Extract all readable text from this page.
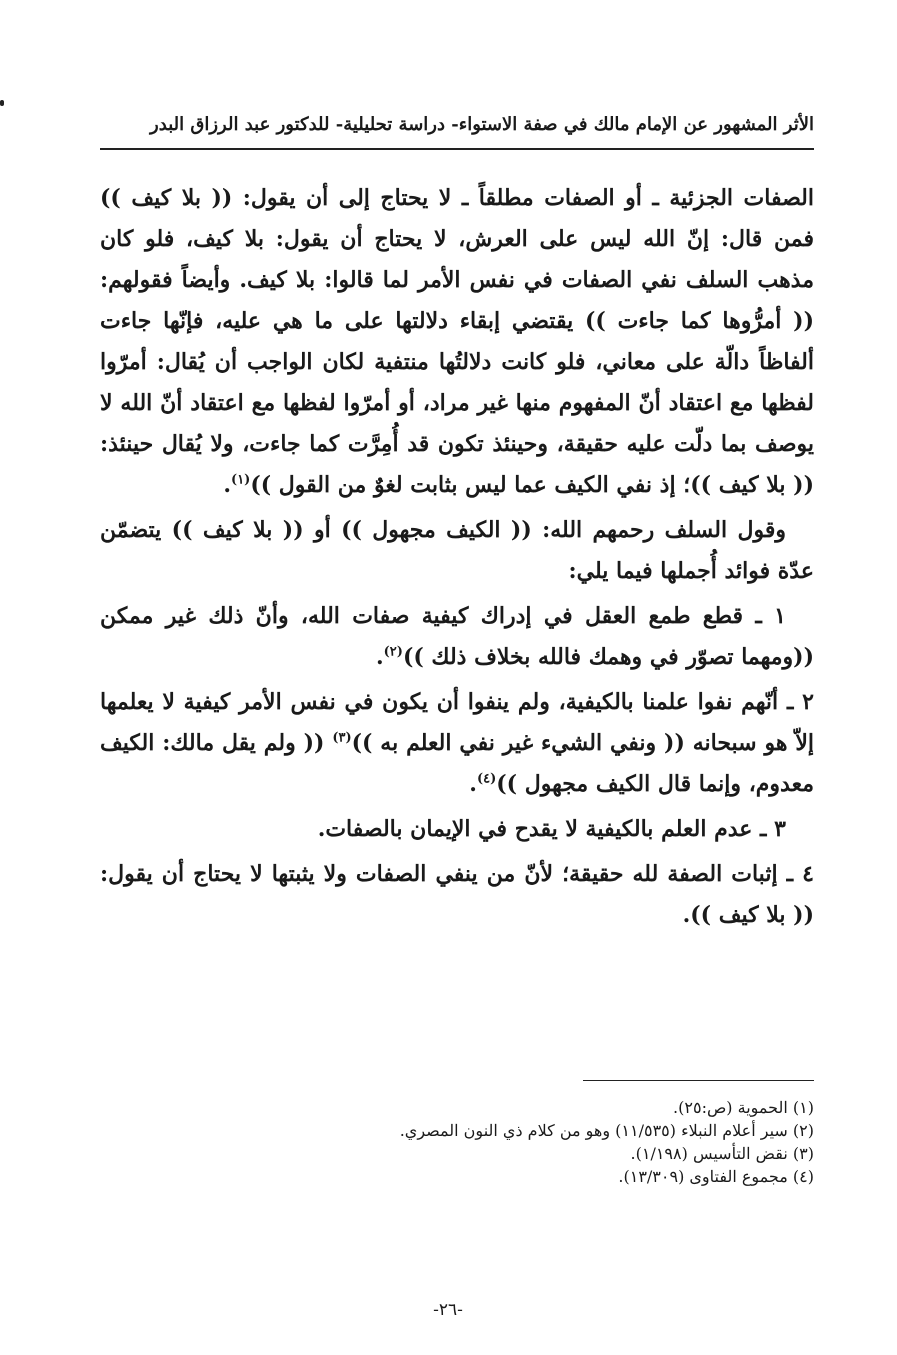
الأثر المشهور عن الإمام مالك في صفة الاستواء- دراسة تحليلية- للدكتور عبد الرزاق البدر

الصفات الجزئية ـ أو الصفات مطلقاً ـ لا يحتاج إلى أن يقول: (( بلا كيف )) فمن قال: إنّ الله ليس على العرش، لا يحتاج أن يقول: بلا كيف، فلو كان مذهب السلف نفي الصفات في نفس الأمر لما قالوا: بلا كيف. وأيضاً فقولهم: (( أمرُّوها كما جاءت )) يقتضي إبقاء دلالتها على ما هي عليه، فإنّها جاءت ألفاظاً دالّة على معاني، فلو كانت دلالتُها منتفية لكان الواجب أن يُقال: أمرّوا لفظها مع اعتقاد أنّ المفهوم منها غير مراد، أو أمرّوا لفظها مع اعتقاد أنّ الله لا يوصف بما دلّت عليه حقيقة، وحينئذ تكون قد أُمِرَّت كما جاءت، ولا يُقال حينئذ: (( بلا كيف ))؛ إذ نفي الكيف عما ليس بثابت لغوٌ من القول ))$^{(١)}$.

وقول السلف رحمهم الله: (( الكيف مجهول )) أو (( بلا كيف )) يتضمّن عدّة فوائد أُجملها فيما يلي:

١ ـ قطع طمع العقل في إدراك كيفية صفات الله، وأنّ ذلك غير ممكن ((ومهما تصوّر في وهمك فالله بخلاف ذلك ))$^{(٢)}$.

٢ ـ أنّهم نفوا علمنا بالكيفية، ولم ينفوا أن يكون في نفس الأمر كيفية لا يعلمها إلاّ هو سبحانه (( ونفي الشيء غير نفي العلم به ))$^{(٣)}$ (( ولم يقل مالك: الكيف معدوم، وإنما قال الكيف مجهول ))$^{(٤)}$.

٣ ـ عدم العلم بالكيفية لا يقدح في الإيمان بالصفات.

٤ ـ إثبات الصفة لله حقيقة؛ لأنّ من ينفي الصفات ولا يثبتها لا يحتاج أن يقول: (( بلا كيف )).

(١) الحموية (ص:٢٥).
(٢) سير أعلام النبلاء (١١/٥٣٥) وهو من كلام ذي النون المصري.
(٣) نقض التأسيس (١/١٩٨).
(٤) مجموع الفتاوى (١٣/٣٠٩).
-٢٦-
